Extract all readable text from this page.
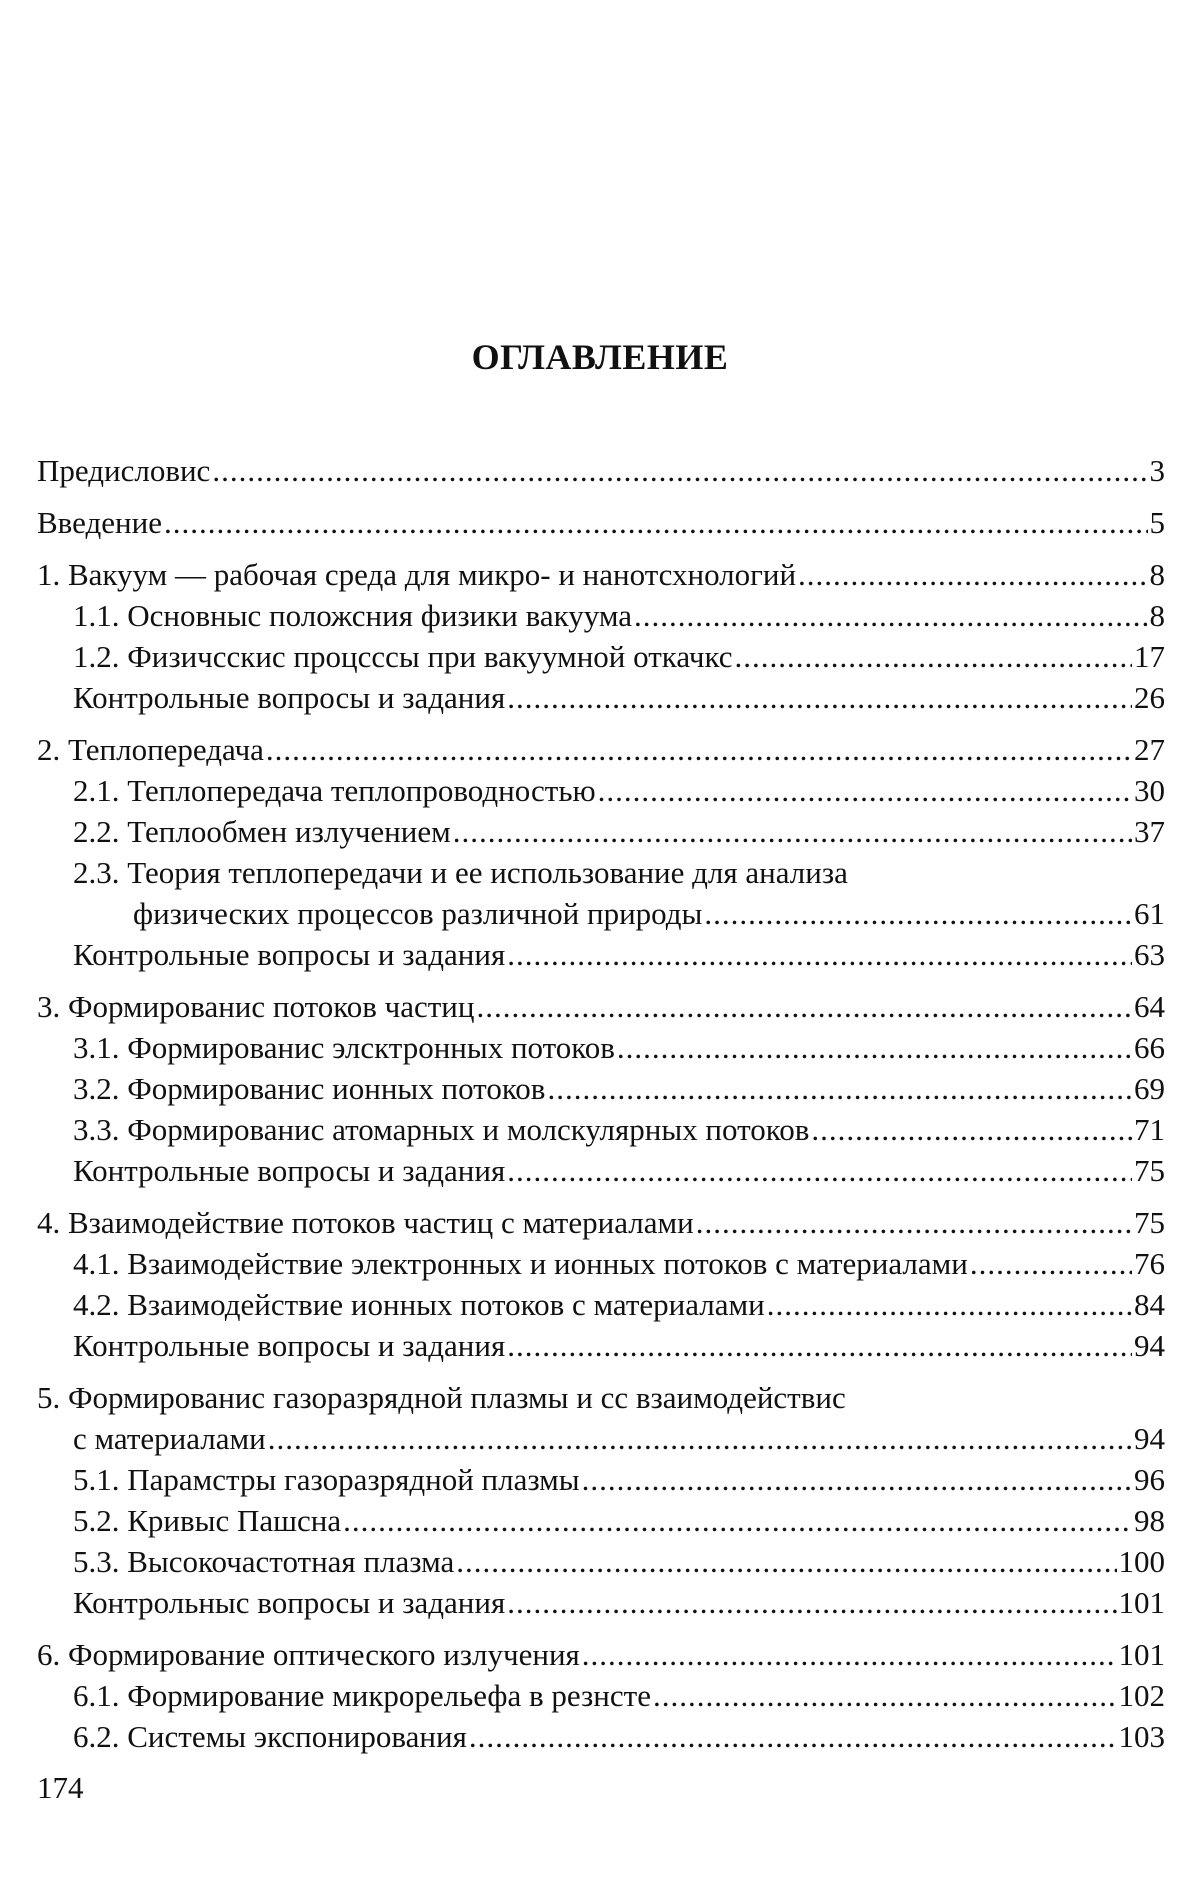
ОГЛАВЛЕНИЕ
Предисловис .....	3
Введение .....	5
1. Вакуум — рабочая среда для микро- и нанотсхнологий .....	8
1.1. Основныс положсния физики вакуума .....	8
1.2. Физичсскис процсссы при вакуумной откачкс .....	17
Контрольные вопросы и задания .....	26
2. Теплопередача .....	27
2.1. Теплопередача теплопроводностью .....	30
2.2. Теплообмен излучением .....	37
2.3. Теория теплопередачи и ее использование для анализа
физических процессов различной природы .....	61
Контрольные вопросы и задания .....	63
3. Формированис потоков частиц .....	64
3.1. Формированис элсктронных потоков .....	66
3.2. Формированис ионных потоков .....	69
3.3. Формированис атомарных и молскулярных потоков .....	71
Контрольные вопросы и задания .....	75
4. Взаимодействие потоков частиц с материалами .....	75
4.1. Взаимодействие электронных и ионных потоков с материалами .....	76
4.2. Взаимодействие ионных потоков с материалами .....	84
Контрольные вопросы и задания .....	94
5. Формированис газоразрядной плазмы и сс взаимодействис
с материалами .....	94
5.1. Парамстры газоразрядной плазмы .....	96
5.2. Кривыс Пашсна .....	98
5.3. Высокочастотная плазма .....	100
Контрольныс вопросы и задания .....	101
6. Формирование оптического излучения .....	101
6.1. Формирование микрорельефа в резнсте .....	102
6.2. Системы экспонирования .....	103
174
